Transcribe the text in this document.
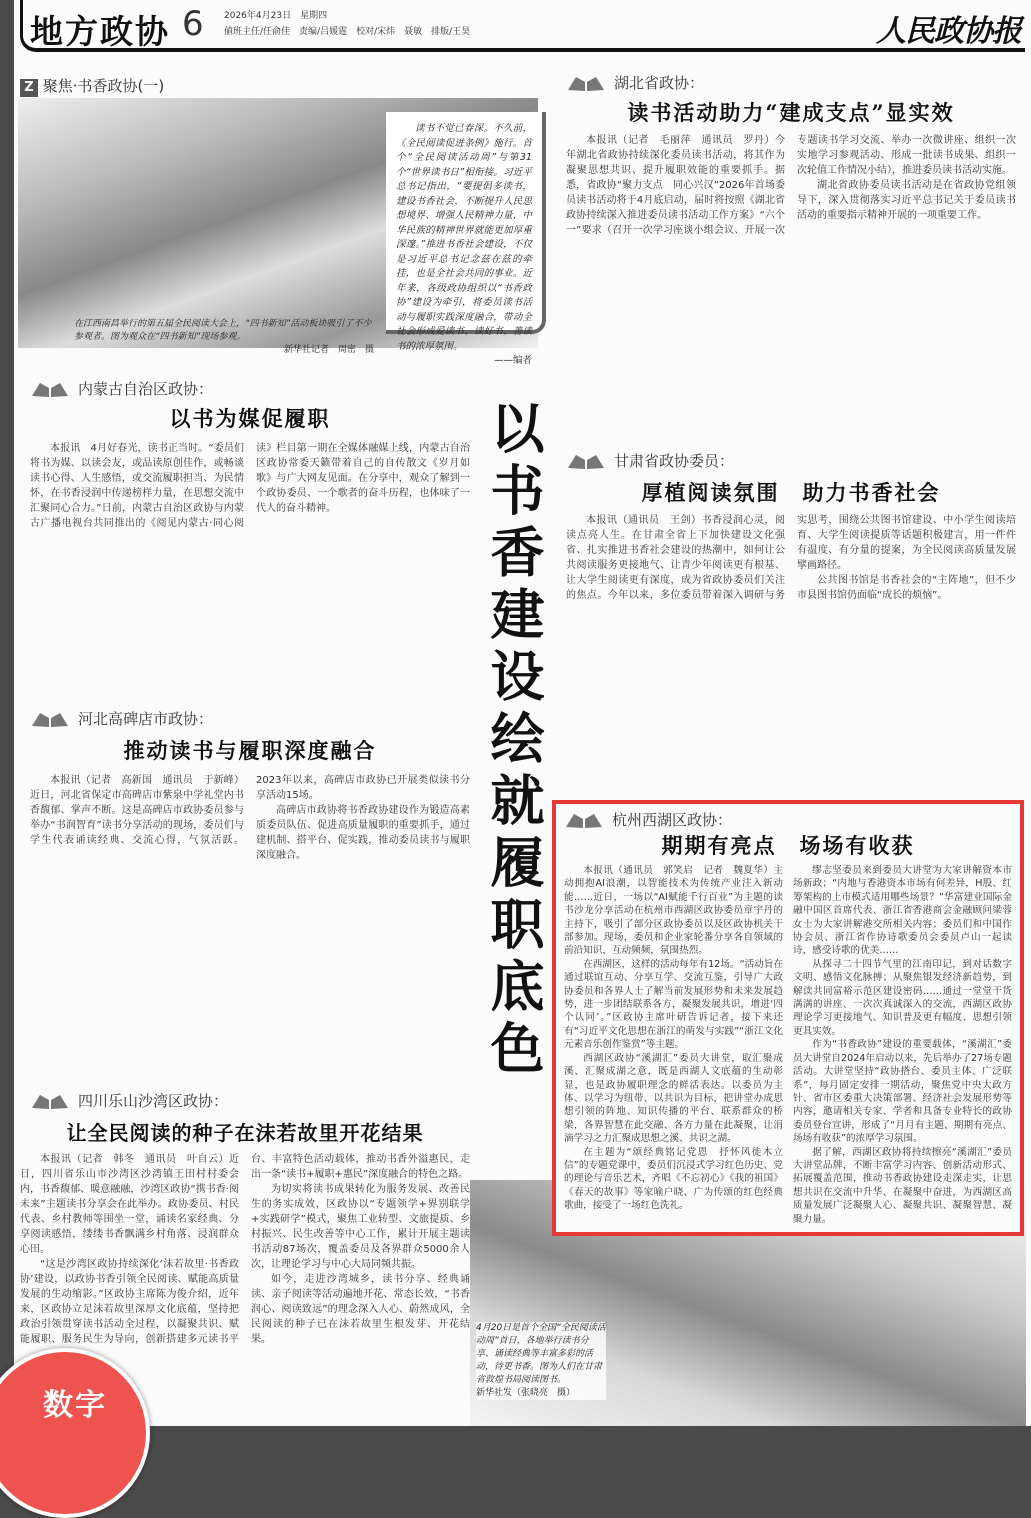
地方政协 6 2026年4月23日　星期四
値班主任/任俞佳　责编/吕媛霆　校对/宋炜　聂敏　排版/王昊	人民政协报
Z 聚焦·书香政协(一)
在江西南昌举行的第五届全民阅读大会上，“四书新知”活动板块吸引了不少参观者。图为观众在“四书新知”现场参观。
新华社记者　周密　摄
读书不觉已春深。不久前，《全民阅读促进条例》施行。首个“全民阅读活动周”与第31个“世界读书日”相衔接。习近平总书记指出，“要提倡多读书，建设书香社会，不断提升人民思想境界、增强人民精神力量，中华民族的精神世界就能更加厚重深邃。”推进书香社会建设，不仅是习近平总书记念兹在兹的牵挂，也是全社会共同的事业。近年来，各级政协组织以“书香政协”建设为牵引，将委员读书活动与履职实践深度融合，带动全社会形成爱读书、读好书、善读书的浓厚氛围。
——编者
以书香建设绘就履职底色
内蒙古自治区政协：
以书为媒促履职

本报讯　4月好春光，读书正当时。“委员们将书为媒、以读会友，或品读原创佳作，或畅谈读书心得、人生感悟，或交流履职担当、为民情怀，在书香浸润中传递榜样力量，在思想交流中汇聚同心合力。”日前，内蒙古自治区政协与内蒙古广播电视台共同推出的《阅见内蒙古·同心阅读》栏目第一期在全媒体融媒上线，内蒙古自治区政协常委天籁带着自己的自传散文《岁月如歌》与广大网友见面。在分享中，观众了解到一个政协委员、一个歌者的奋斗历程，也体味了一代人的奋斗精神。

河北高碑店市政协：
推动读书与履职深度融合

本报讯（记者　高新国　通讯员　于新峰）近日，河北省保定市高碑店市紫泉中学礼堂内书香馥郁、掌声不断。这是高碑店市政协委员参与举办“书润智育”读书分享活动的现场，委员们与学生代表诵读经典、交流心得，气氛活跃。2023年以来，高碑店市政协已开展类似读书分享活动15场。

高碑店市政协将书香政协建设作为锻造高素质委员队伍、促进高质量履职的重要抓手，通过建机制、搭平台、促实践，推动委员读书与履职深度融合。

四川乐山沙湾区政协：
让全民阅读的种子在沫若故里开花结果

本报讯（记者　韩冬　通讯员　叶自云）近日，四川省乐山市沙湾区沙湾镇王田村村委会内，书香馥郁、暖意融融，沙湾区政协“携书香·阅未来”主题读书分享会在此举办。政协委员、村民代表、乡村教师等围坐一堂，诵读名家经典、分享阅读感悟，缕缕书香飘满乡村角落、浸润群众心田。

“这是沙湾区政协持续深化‘沫若故里·书香政协’建设，以政协书香引领全民阅读、赋能高质量发展的生动缩影。”区政协主席陈为俊介绍，近年来，区政协立足沫若故里深厚文化底蕴，坚持把政治引领贯穿读书活动全过程，以凝聚共识、赋能履职、服务民生为导向，创新搭建多元读书平台、丰富特色活动载体，推动书香外溢惠民，走出一条“读书+履职+惠民”深度融合的特色之路。

为切实将读书成果转化为服务发展、改善民生的务实成效，区政协以“专题领学+界别联学+实践研学”模式，聚焦工业转型、文旅提质、乡村振兴、民生改善等中心工作，累计开展主题读书活动87场次，覆盖委员及各界群众5000余人次，让理论学习与中心大局同频共振。

如今，走进沙湾城乡，读书分享、经典诵读、亲子阅读等活动遍地开花、常态长效，“书香润心、阅读致远”的理念深入人心、蔚然成风，全民阅读的种子已在沫若故里生根发芽、开花结果。

4月20日是首个全国“全民阅读活动周”首日，各地举行读书分享、诵读经典等丰富多彩的活动，待更书香。图为人们在甘肃省敦煌书局阅读图书。
新华社发（张晓亮　摄）
湖北省政协：
读书活动助力“建成支点”显实效

本报讯（记者　毛丽萍　通讯员　罗丹）今年湖北省政协持续深化委员读书活动，将其作为凝聚思想共识、提升履职效能的重要抓手。据悉，省政协“聚力支点　同心兴汉”2026年首场委员读书活动将于4月底启动，届时将按照《湖北省政协持续深入推进委员读书活动工作方案》“六个一”要求（召开一次学习座谈小组会议、开展一次专题读书学习交流、举办一次微讲座、组织一次实地学习参观活动、形成一批读书成果、组织一次轮值工作情况小结），推进委员读书活动实施。

湖北省政协委员读书活动是在省政协党组领导下，深入贯彻落实习近平总书记关于委员读书活动的重要指示精神开展的一项重要工作。

甘肃省政协委员：
厚植阅读氛围　助力书香社会

本报讯（通讯员　王剑）书香浸润心灵，阅读点亮人生。在甘肃全省上下加快建设文化强省、扎实推进书香社会建设的热潮中，如何让公共阅读服务更接地气、让青少年阅读更有根基、让大学生阅读更有深度，成为省政协委员们关注的焦点。今年以来，多位委员带着深入调研与务实思考，围绕公共图书馆建设、中小学生阅读培育、大学生阅读提质等话题积极建言，用一件件有温度、有分量的提案，为全民阅读高质量发展擘画路径。

公共图书馆是书香社会的“主阵地”，但不少市县图书馆仍面临“成长的烦恼”。

杭州西湖区政协：
期期有亮点　场场有收获

本报讯（通讯员　郭笑启　记者　魏夏华）主动拥抱AI浪潮，以智能技术为传统产业注入新动能……近日，一场以“AI赋能千行百业”为主题的读书沙龙分享活动在杭州市西湖区政协委员章宇丹的主持下，吸引了部分区政协委员以及区政协机关干部参加。现场，委员和企业家轮番分享各自领域的前沿知识，互动频频，氛围热烈。

在西湖区，这样的活动每年有12场。“活动旨在通过联谊互动、分享互学、交流互鉴，引导广大政协委员和各界人士了解当前发展形势和未来发展趋势，进一步团结联系各方，凝聚发展共识，增进‘四个认同’。”区政协主席叶研告诉记者，接下来还有“习近平文化思想在浙江的萌发与实践”“浙江文化元素音乐创作鉴赏”等主题。

西湖区政协“溪湖汇”委员大讲堂，取汇聚成溪、汇聚成湖之意，既是西湖人文底蕴的生动彰显，也是政协履职理念的鲜活表达。以委员为主体、以学习为纽带、以共识为目标，把讲堂办成思想引领的阵地、知识传播的平台、联系群众的桥梁，各界智慧在此交融、各方力量在此凝聚，让涓滴学习之力汇聚成思想之溪、共识之湖。

在主题为“颂经典铭记党恩　抒怀风徙木立信”的专题党课中，委员们沉浸式学习红色历史、党的理论与音乐艺术，齐唱《不忘初心》《我的祖国》《春天的故事》等家喻户晓、广为传颂的红色经典歌曲，接受了一场红色洗礼。

缪志坚委员来到委员大讲堂为大家讲解资本市场新政；“内地与香港资本市场有何差异，H股、红筹架构的上市模式适用哪些场景？”华富建业国际金融中国区首席代表、浙江省香港商会金融顾问梁蓉女士为大家讲解港交所相关内容；委员们和中国作协会员、浙江省作协诗歌委员会委员卢山一起读诗，感受诗歌的优美……

从探寻二十四节气里的江南印记，到对话数字文明、感悟文化脉搏；从聚焦银发经济新趋势，到解读共同富裕示范区建设密码……通过一堂堂干货满满的讲座、一次次真诚深入的交流，西湖区政协理论学习更接地气、知识普及更有幅度、思想引领更具实效。

作为“书香政协”建设的重要载体，“溪湖汇”委员大讲堂自2024年启动以来，先后举办了27场专题活动。大讲堂坚持“政协搭台、委员主体、广泛联系”，每月固定安排一期活动，聚焦党中央大政方针、省市区委重大决策部署、经济社会发展形势等内容，邀请相关专家、学者和具备专业特长的政协委员登台宣讲，形成了“月月有主题、期期有亮点、场场有收获”的浓厚学习氛围。

据了解，西湖区政协将持续擦亮“溪湖汇”委员大讲堂品牌，不断丰富学习内容、创新活动形式、拓展覆盖范围，推动书香政协建设走深走实，让思想共识在交流中升华、在凝聚中奋进，为西湖区高质量发展广泛凝聚人心、凝聚共识、凝聚智慧、凝聚力量。

数字
